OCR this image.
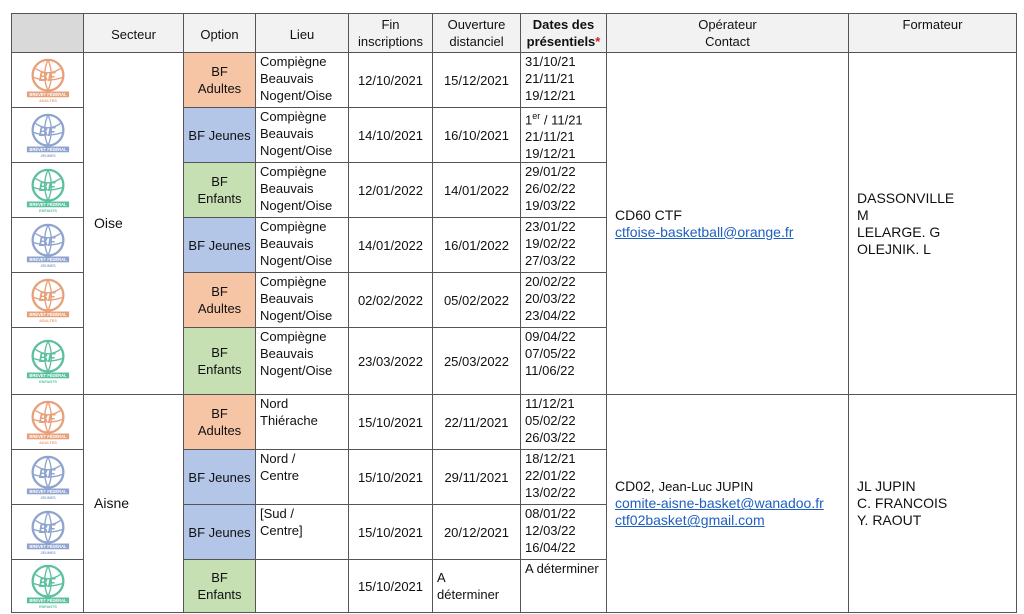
	Secteur	Option	Lieu	Fin
inscriptions	Ouverture
distanciel	Dates des
présentiels*	Opérateur
Contact	Formateur

BF
BREVET FÉDÉRAL
ADULTES	Oise	BF
Adultes	Compiègne
Beauvais
Nogent/Oise	12/10/2021	15/12/2021	31/10/21
21/11/21
19/12/21	CD60 CTF
ctfoise-basketball@orange.fr	DASSONVILLE
M
LELARGE. G
OLEJNIK. L

BF
BREVET FÉDÉRAL
JEUNES		BF Jeunes	Compiègne
Beauvais
Nogent/Oise	14/10/2021	16/10/2021	1er / 11/21
21/11/21
19/12/21		

BF
BREVET FÉDÉRAL
ENFANTS		BF
Enfants	Compiègne
Beauvais
Nogent/Oise	12/01/2022	14/01/2022	29/01/22
26/02/22
19/03/22		

BF
BREVET FÉDÉRAL
JEUNES		BF Jeunes	Compiègne
Beauvais
Nogent/Oise	14/01/2022	16/01/2022	23/01/22
19/02/22
27/03/22		

BF
BREVET FÉDÉRAL
ADULTES		BF
Adultes	Compiègne
Beauvais
Nogent/Oise	02/02/2022	05/02/2022	20/02/22
20/03/22
23/04/22		

BF
BREVET FÉDÉRAL
ENFANTS		BF
Enfants	Compiègne
Beauvais
Nogent/Oise	23/03/2022	25/03/2022	09/04/22
07/05/22
11/06/22		

BF
BREVET FÉDÉRAL
ADULTES	Aisne	BF
Adultes	Nord
Thiérache	15/10/2021	22/11/2021	11/12/21
05/02/22
26/03/22	CD02, Jean-Luc JUPIN
comite-aisne-basket@wanadoo.fr
ctf02basket@gmail.com	JL JUPIN
C. FRANCOIS
Y. RAOUT

BF
BREVET FÉDÉRAL
JEUNES		BF Jeunes	Nord /
Centre	15/10/2021	29/11/2021	18/12/21
22/01/22
13/02/22		

BF
BREVET FÉDÉRAL
JEUNES		BF Jeunes	[Sud /
Centre]	15/10/2021	20/12/2021	08/01/22
12/03/22
16/04/22		

BF
BREVET FÉDÉRAL
ENFANTS		BF
Enfants		15/10/2021	A
déterminer	A déterminer		
